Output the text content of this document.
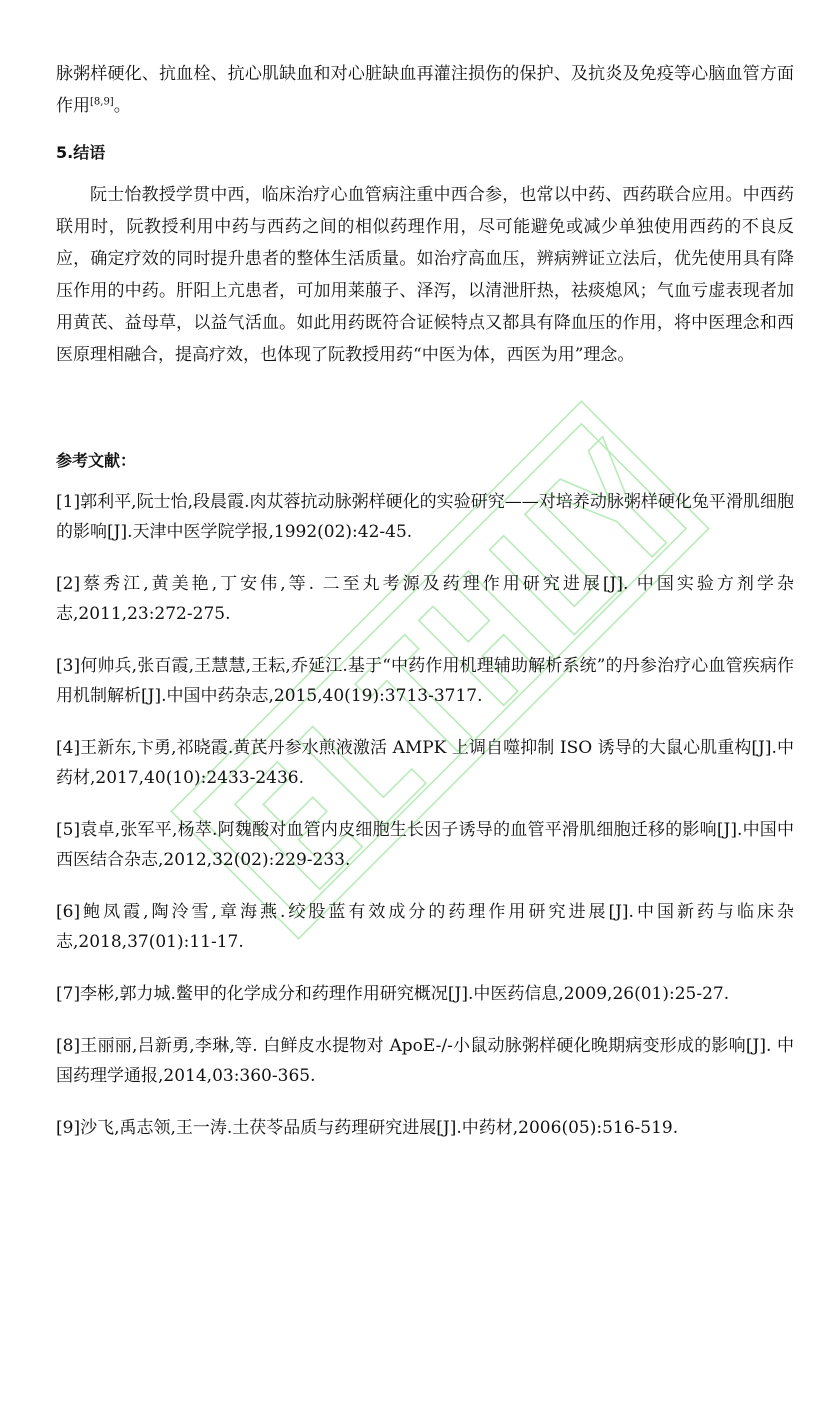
脉粥样硬化、抗血栓、抗心肌缺血和对心脏缺血再灌注损伤的保护、及抗炎及免疫等心脑血管方面作用[8,9]。

5.结语

阮士怡教授学贯中西，临床治疗心血管病注重中西合参，也常以中药、西药联合应用。中西药联用时，阮教授利用中药与西药之间的相似药理作用，尽可能避免或减少单独使用西药的不良反应，确定疗效的同时提升患者的整体生活质量。如治疗高血压，辨病辨证立法后，优先使用具有降压作用的中药。肝阳上亢患者，可加用莱菔子、泽泻，以清泄肝热，祛痰熄风；气血亏虚表现者加用黄芪、益母草，以益气活血。如此用药既符合证候特点又都具有降血压的作用，将中医理念和西医原理相融合，提高疗效，也体现了阮教授用药“中医为体，西医为用”理念。

参考文献：

[1]郭利平,阮士怡,段晨霞.肉苁蓉抗动脉粥样硬化的实验研究——对培养动脉粥样硬化兔平滑肌细胞的影响[J].天津中医学院学报,1992(02):42-45.

[2]蔡秀江,黄美艳,丁安伟,等. 二至丸考源及药理作用研究进展[J]. 中国实验方剂学杂志,2011,23:272-275.

[3]何帅兵,张百霞,王慧慧,王耘,乔延江.基于“中药作用机理辅助解析系统”的丹参治疗心血管疾病作用机制解析[J].中国中药杂志,2015,40(19):3713-3717.

[4]王新东,卞勇,祁晓霞.黄芪丹参水煎液激活 AMPK 上调自噬抑制 ISO 诱导的大鼠心肌重构[J].中药材,2017,40(10):2433-2436.

[5]袁卓,张军平,杨萃.阿魏酸对血管内皮细胞生长因子诱导的血管平滑肌细胞迁移的影响[J].中国中西医结合杂志,2012,32(02):229-233.

[6]鲍凤霞,陶泠雪,章海燕.绞股蓝有效成分的药理作用研究进展[J].中国新药与临床杂志,2018,37(01):11-17.

[7]李彬,郭力城.鳖甲的化学成分和药理作用研究概况[J].中医药信息,2009,26(01):25-27.

[8]王丽丽,吕新勇,李琳,等. 白鲜皮水提物对 ApoE-/-小鼠动脉粥样硬化晚期病变形成的影响[J]. 中国药理学通报,2014,03:360-365.

[9]沙飞,禹志领,王一涛.土茯苓品质与药理研究进展[J].中药材,2006(05):516-519.
